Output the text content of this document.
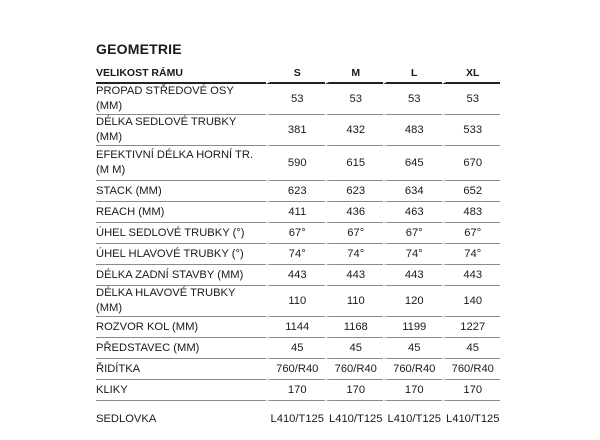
GEOMETRIE
VELIKOST RÁMU	S	M	L	XL
PROPAD STŘEDOVÉ OSY (MM)	53	53	53	53
DÉLKA SEDLOVÉ TRUBKY (MM)	381	432	483	533
EFEKTIVNÍ DÉLKA HORNÍ TR. (M M)	590	615	645	670
STACK (MM)	623	623	634	652
REACH (MM)	411	436	463	483
ÚHEL SEDLOVÉ TRUBKY (°)	67°	67°	67°	67°
ÚHEL HLAVOVÉ TRUBKY (°)	74°	74°	74°	74°
DÉLKA ZADNÍ STAVBY (MM)	443	443	443	443
DÉLKA HLAVOVÉ TRUBKY (MM)	110	110	120	140
ROZVOR KOL (MM)	1144	1168	1199	1227
PŘEDSTAVEC (MM)	45	45	45	45
ŘIDÍTKA	760/R40	760/R40	760/R40	760/R40
KLIKY	170	170	170	170
SEDLOVKA	L410/T125	L410/T125	L410/T125	L410/T125
